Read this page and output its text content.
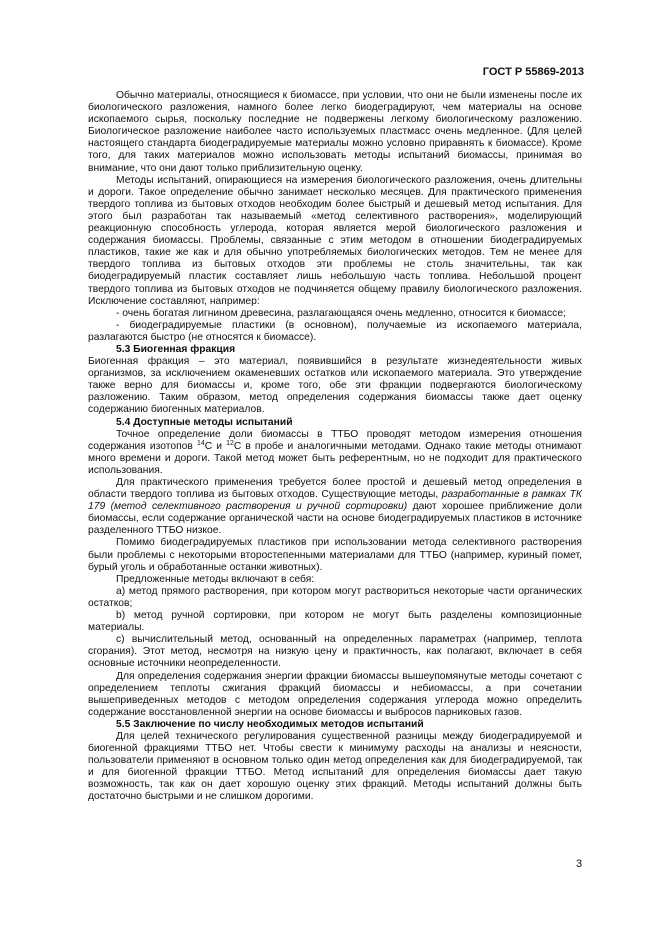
ГОСТ Р 55869-2013

Обычно материалы, относящиеся к биомассе, при условии, что они не были изменены после их биологического разложения, намного более легко биодеградируют, чем материалы на основе ископаемого сырья, поскольку последние не подвержены легкому биологическому разложению. Биологическое разложение наиболее часто используемых пластмасс очень медленное. (Для целей настоящего стандарта биодеградируемые материалы можно условно приравнять к биомассе). Кроме того, для таких материалов можно использовать методы испытаний биомассы, принимая во внимание, что они дают только приблизительную оценку.

Методы испытаний, опирающиеся на измерения биологического разложения, очень длительны и дороги. Такое определение обычно занимает несколько месяцев. Для практического применения твердого топлива из бытовых отходов необходим более быстрый и дешевый метод испытания. Для этого был разработан так называемый «метод селективного растворения», моделирующий реакционную способность углерода, которая является мерой биологического разложения и содержания биомассы. Проблемы, связанные с этим методом в отношении биодеградируемых пластиков, такие же как и для обычно употребляемых биологических методов. Тем не менее для твердого топлива из бытовых отходов эти проблемы не столь значительны, так как биодеградируемый пластик составляет лишь небольшую часть топлива. Небольшой процент твердого топлива из бытовых отходов не подчиняется общему правилу биологического разложения. Исключение составляют, например:

- очень богатая лигнином древесина, разлагающаяся очень медленно, относится к биомассе;

- биодеградируемые пластики (в основном), получаемые из ископаемого материала, разлагаются быстро (не относятся к биомассе).

5.3 Биогенная фракция

Биогенная фракция – это материал, появившийся в результате жизнедеятельности живых организмов, за исключением окаменевших остатков или ископаемого материала. Это утверждение также верно для биомассы и, кроме того, обе эти фракции подвергаются биологическому разложению. Таким образом, метод определения содержания биомассы также дает оценку содержанию биогенных материалов.

5.4 Доступные методы испытаний

Точное определение доли биомассы в ТТБО проводят методом измерения отношения содержания изотопов $^{14}$С и $^{12}$С в пробе и аналогичными методами. Однако такие методы отнимают много времени и дороги. Такой метод может быть референтным, но не подходит для практического использования.

Для практического применения требуется более простой и дешевый метод определения в области твердого топлива из бытовых отходов. Существующие методы, разработанные в рамках ТК 179 (метод селективного растворения и ручной сортировки) дают хорошее приближение доли биомассы, если содержание органической части на основе биодеградируемых пластиков в источнике разделенного ТТБО низкое.

Помимо биодеградируемых пластиков при использовании метода селективного растворения были проблемы с некоторыми второстепенными материалами для ТТБО (например, куриный помет, бурый уголь и обработанные останки животных).

Предложенные методы включают в себя:

a) метод прямого растворения, при котором могут раствориться некоторые части органических остатков;

b) метод ручной сортировки, при котором не могут быть разделены композиционные материалы.

c) вычислительный метод, основанный на определенных параметрах (например, теплота сгорания). Этот метод, несмотря на низкую цену и практичность, как полагают, включает в себя основные источники неопределенности.

Для определения содержания энергии фракции биомассы вышеупомянутые методы сочетают с определением теплоты сжигания фракций биомассы и небиомассы, а при сочетании вышеприведенных методов с методом определения содержания углерода можно определить содержание восстановленной энергии на основе биомассы и выбросов парниковых газов.

5.5 Заключение по числу необходимых методов испытаний

Для целей технического регулирования существенной разницы между биодеградируемой и биогенной фракциями ТТБО нет. Чтобы свести к минимуму расходы на анализы и неясности, пользователи применяют в основном только один метод определения как для биодеградируемой, так и для биогенной фракции ТТБО. Метод испытаний для определения биомассы дает такую возможность, так как он дает хорошую оценку этих фракций. Методы испытаний должны быть достаточно быстрыми и не слишком дорогими.

3
